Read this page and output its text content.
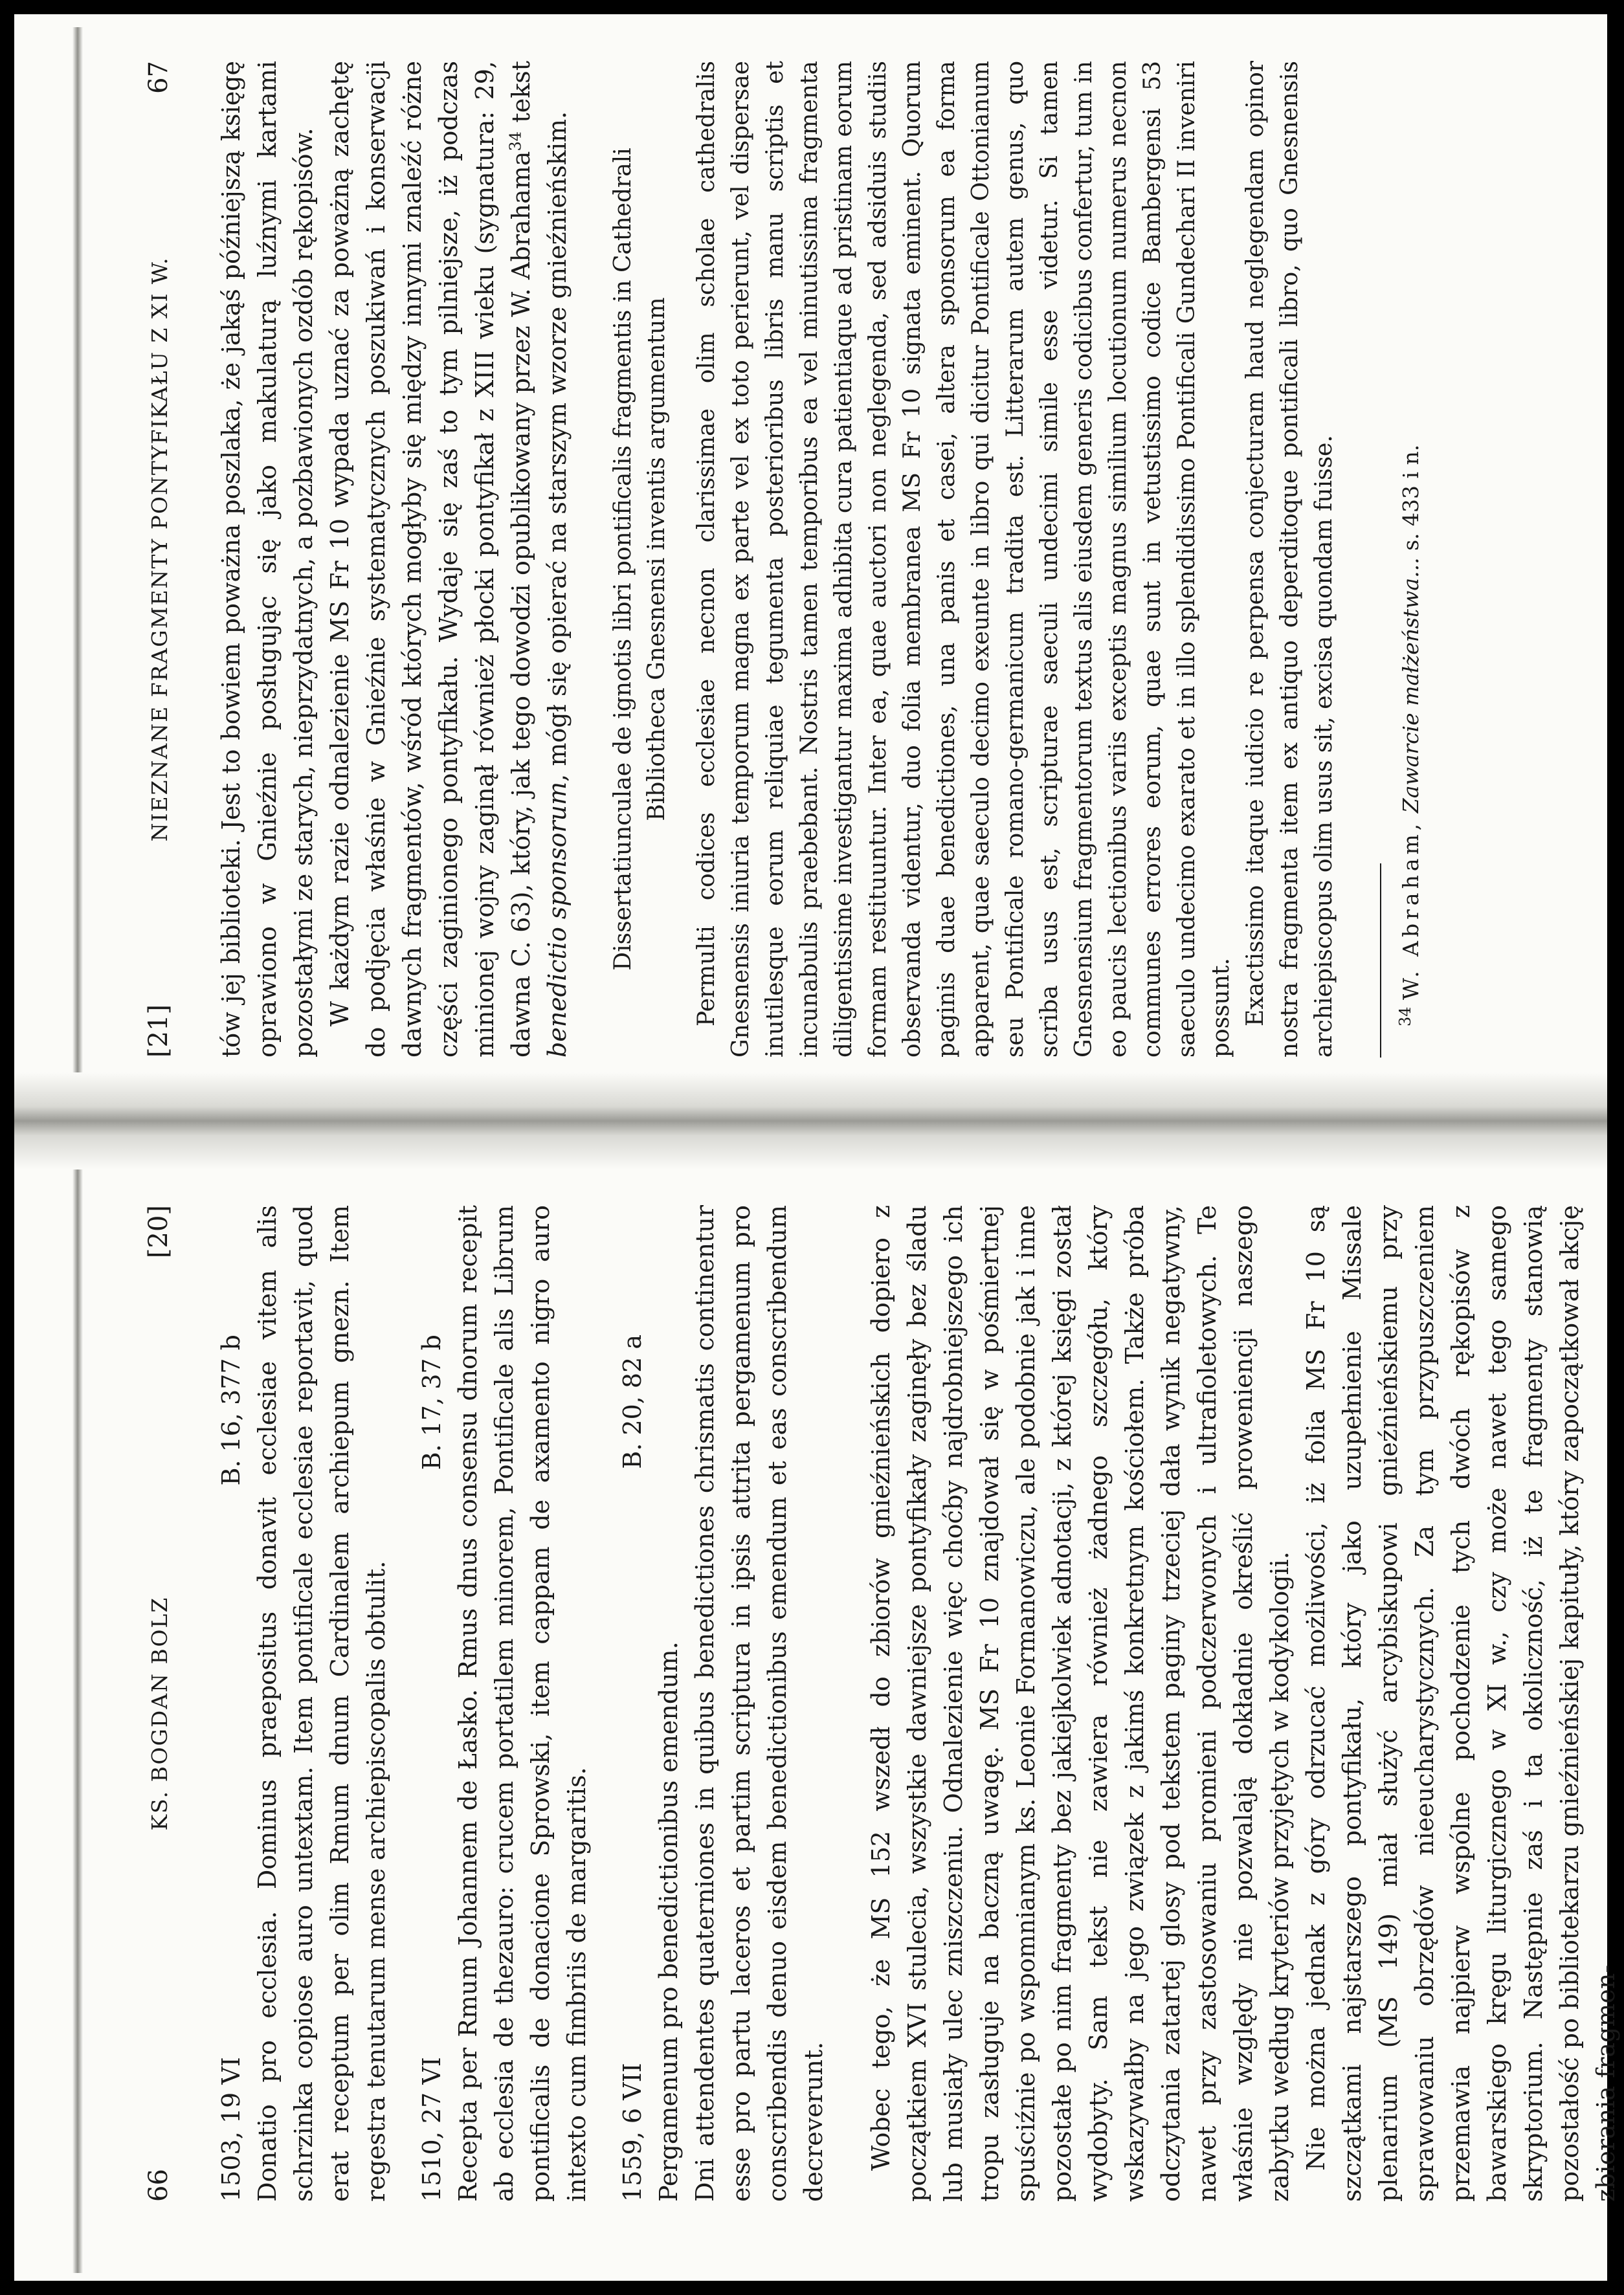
66
KS. BOGDAN BOLZ
[20]
1503, 19 VI
B. 16, 377 b Donatio pro ecclesia. Dominus praepositus donavit ecclesiae vitem alis schrzinka copiose auro untextam. Item pontificale ecclesiae reportavit, quod erat receptum per olim Rmum dnum Cardinalem archiepum gnezn. Item regestra tenutarum mense archiepiscopalis obtulit. 1510, 27 VI
B. 17, 37 b Recepta per Rmum Johannem de Łasko. Rmus dnus consensu dnorum recepit ab ecclesia de thezauro: crucem portatilem minorem, Pontificale alis Librum pontificalis de donacione Sprowski, item cappam de axamento nigro auro intexto cum fimbriis de margaritis. 1559, 6 VII
B. 20, 82 a

Pergamenum pro benedictionibus emendum. Dni attendentes quaterniones in quibus benedictiones chrismatis continentur esse pro partu laceros et partim scriptura in ipsis attrita pergamenum pro conscribendis denuo eisdem benedictionibus emendum et eas conscribendum decreverunt. Wobec tego, że MS 152 wszedł do zbiorów gnieźnieńskich dopiero z początkiem XVI stulecia, wszystkie dawniejsze pontyfikały zaginęły bez śladu lub musiały ulec zniszczeniu. Odnalezienie więc choćby najdrobniejszego ich tropu zasługuje na baczną uwagę. MS Fr 10 znajdował się w pośmiertnej spuściźnie po wspomnianym ks. Leonie Formanowiczu, ale podobnie jak i inne pozostałe po nim fragmenty bez jakiejkolwiek adnotacji, z której księgi został wydobyty. Sam tekst nie zawiera również żadnego szczegółu, który wskazywałby na jego związek z jakimś konkretnym kościołem. Także próba odczytania zatartej glosy pod tekstem paginy trzeciej dała wynik negatywny, nawet przy zastosowaniu promieni podczerwonych i ultrafioletowych. Te właśnie względy nie pozwalają dokładnie określić proweniencji naszego zabytku według kryteriów przyjętych w kodykologii. Nie można jednak z góry odrzucać możliwości, iż folia MS Fr 10 są szczątkami najstarszego pontyfikału, który jako uzupełnienie Missale plenarium (MS 149) miał służyć arcybiskupowi gnieźnieńskiemu przy sprawowaniu obrzędów nieeucharystycznych. Za tym przypuszczeniem przemawia najpierw wspólne pochodzenie tych dwóch rękopisów z bawarskiego kręgu liturgicznego w XI w., czy może nawet tego samego skryptorium. Następnie zaś i ta okoliczność, iż te fragmenty stanowią pozostałość po bibliotekarzu gnieźnieńskiej kapituły, który zapoczątkował akcję zbierania fragmen-

[21]
NIEZNANE FRAGMENTY PONTYFIKAŁU Z XI W.
67 tów jej biblioteki. Jest to bowiem poważna poszlaka, że jakąś późniejszą księgę oprawiono w Gnieźnie posługując się jako makulaturą luźnymi kartami pozostałymi ze starych, nieprzydatnych, a pozbawionych ozdób rękopisów. W każdym razie odnalezienie MS Fr 10 wypada uznać za poważną zachętę do podjęcia właśnie w Gnieźnie systematycznych poszukiwań i konserwacji dawnych fragmentów, wśród których mogłyby się między innymi znaleźć różne części zaginionego pontyfikału. Wydaje się zaś to tym pilniejsze, iż podczas minionej wojny zaginął również płocki pontyfikał z XIII wieku (sygnatura: 29, dawna C. 63), który, jak tego dowodzi opublikowany przez W. Abrahama$^{34}$ tekst benedictio sponsorum, mógł się opierać na starszym wzorze gnieźnieńskim. Dissertatiunculae de ignotis libri pontificalis fragmentis in Cathedrali Bibliotheca Gnesnensi inventis argumentum Permulti codices ecclesiae necnon clarissimae olim scholae cathedralis Gnesnensis iniuria temporum magna ex parte vel ex toto perierunt, vel dispersae inutilesque eorum reliquiae tegumenta posterioribus libris manu scriptis et incunabulis praebebant. Nostris tamen temporibus ea vel minutissima fragmenta diligentissime investigantur maxima adhibita cura patientiaque ad pristinam eorum formam restituuntur. Inter ea, quae auctori non neglegenda, sed adsiduis studiis observanda videntur, duo folia membranea MS Fr 10 signata eminent. Quorum paginis duae benedictiones, una panis et casei, altera sponsorum ea forma apparent, quae saeculo decimo exeunte in libro qui dicitur Pontificale Ottonianum seu Pontificale romano-germanicum tradita est. Litterarum autem genus, quo scriba usus est, scripturae saeculi undecimi simile esse videtur. Si tamen Gnesnensium fragmentorum textus alis eiusdem generis codicibus confertur, tum in eo paucis lectionibus variis exceptis magnus similium locutionum numerus necnon communes errores eorum, quae sunt in vetustissimo codice Bambergensi 53 saeculo undecimo exarato et in illo splendidissimo Pontificali Gundechari II inveniri possunt. Exactissimo itaque iudicio re perpensa conjecturam haud neglegendam opinor nostra fragmenta item ex antiquo deperditoque pontificali libro, quo Gnesnensis archiepiscopus olim usus sit, excisa quondam fuisse.	$^{34}$ W. Abraham, Zawarcie małżeństwa... s. 433 i n.
